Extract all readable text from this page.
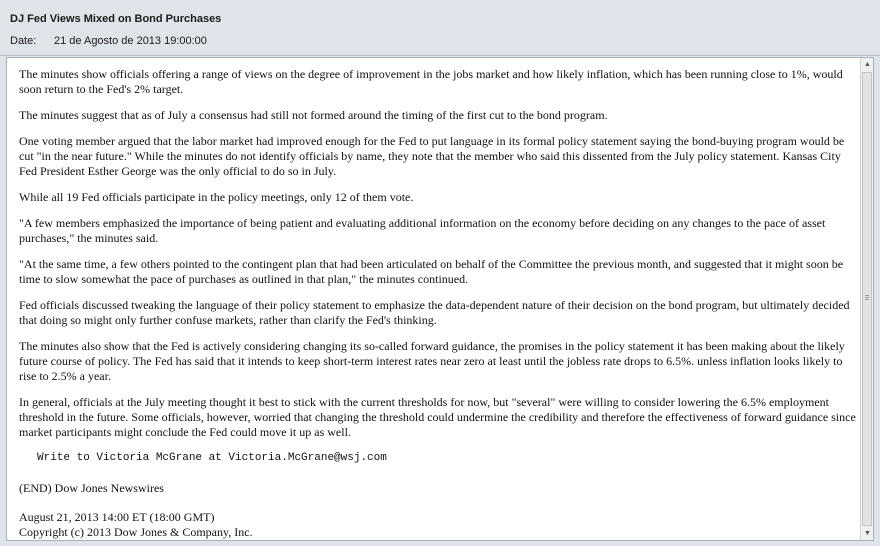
DJ Fed Views Mixed on Bond Purchases
Date: 21 de Agosto de 2013 19:00:00

The minutes show officials offering a range of views on the degree of improvement in the jobs market and how likely inflation, which has been running close to 1%, would soon return to the Fed's 2% target.

The minutes suggest that as of July a consensus had still not formed around the timing of the first cut to the bond program.

One voting member argued that the labor market had improved enough for the Fed to put language in its formal policy statement saying the bond-buying program would be cut "in the near future." While the minutes do not identify officials by name, they note that the member who said this dissented from the July policy statement. Kansas City Fed President Esther George was the only official to do so in July.

While all 19 Fed officials participate in the policy meetings, only 12 of them vote.

"A few members emphasized the importance of being patient and evaluating additional information on the economy before deciding on any changes to the pace of asset purchases," the minutes said.

"At the same time, a few others pointed to the contingent plan that had been articulated on behalf of the Committee the previous month, and suggested that it might soon be time to slow somewhat the pace of purchases as outlined in that plan," the minutes continued.

Fed officials discussed tweaking the language of their policy statement to emphasize the data-dependent nature of their decision on the bond program, but ultimately decided that doing so might only further confuse markets, rather than clarify the Fed's thinking.

The minutes also show that the Fed is actively considering changing its so-called forward guidance, the promises in the policy statement it has been making about the likely future course of policy. The Fed has said that it intends to keep short-term interest rates near zero at least until the jobless rate drops to 6.5%. unless inflation looks likely to rise to 2.5% a year.

In general, officials at the July meeting thought it best to stick with the current thresholds for now, but "several" were willing to consider lowering the 6.5% employment threshold in the future. Some officials, however, worried that changing the threshold could undermine the credibility and therefore the effectiveness of forward guidance since market participants might conclude the Fed could move it up as well.

Write to Victoria McGrane at Victoria.McGrane@wsj.com

(END) Dow Jones Newswires

August 21, 2013 14:00 ET (18:00 GMT)

Copyright (c) 2013 Dow Jones & Company, Inc.

▲
▼
